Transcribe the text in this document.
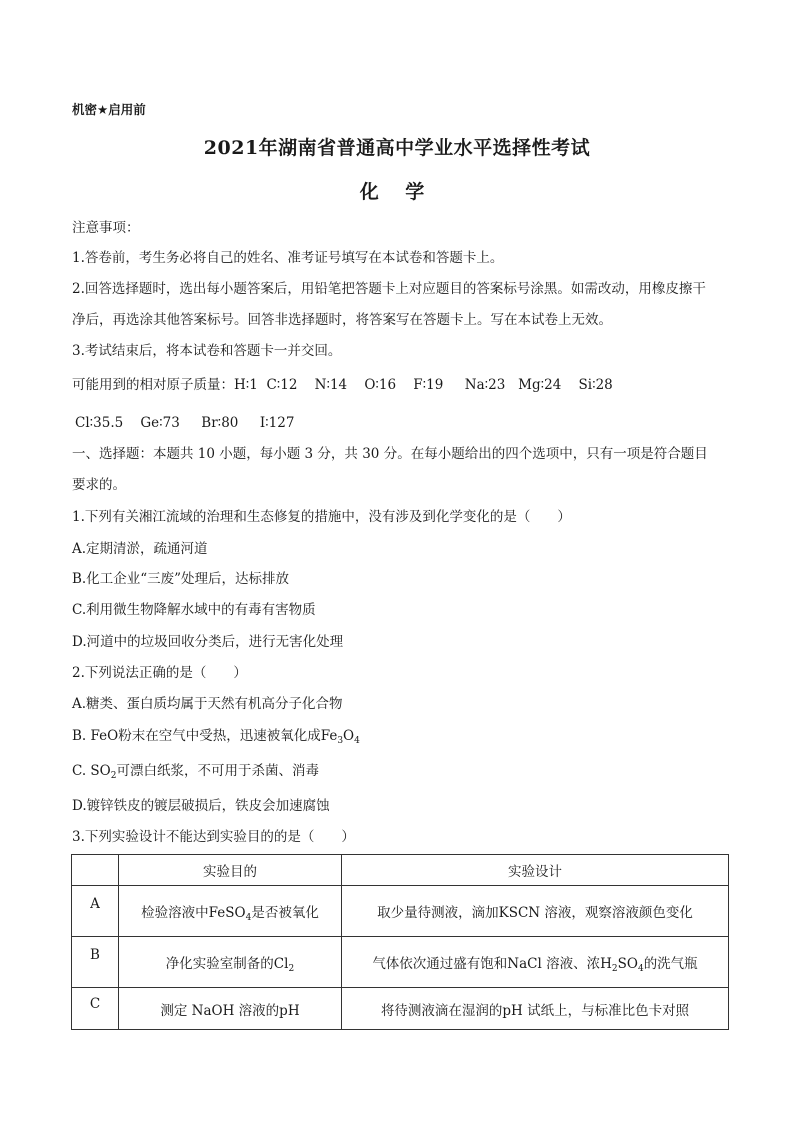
机密★启用前
2021年湖南省普通高中学业水平选择性考试
化 学
注意事项：
1.答卷前，考生务必将自己的姓名、准考证号填写在本试卷和答题卡上。
2.回答选择题时，选出每小题答案后，用铅笔把答题卡上对应题目的答案标号涂黑。如需改动，用橡皮擦干
净后，再选涂其他答案标号。回答非选择题时，将答案写在答题卡上。写在本试卷上无效。
3.考试结束后，将本试卷和答题卡一并交回。
可能用到的相对原子质量：H∶1  C∶12    N∶14    O∶16    F∶19     Na∶23   Mg∶24    Si∶28
Cl∶35.5    Ge∶73     Br∶80     I∶127
一、选择题：本题共 10 小题，每小题 3 分，共 30 分。在每小题给出的四个选项中，只有一项是符合题目
要求的。
1.下列有关湘江流域的治理和生态修复的措施中，没有涉及到化学变化的是（　　）
A.定期清淤，疏通河道
B.化工企业“三废”处理后，达标排放
C.利用微生物降解水域中的有毒有害物质
D.河道中的垃圾回收分类后，进行无害化处理
2.下列说法正确的是（　　）
A.糖类、蛋白质均属于天然有机高分子化合物
B. FeO粉末在空气中受热，迅速被氧化成$Fe_3O_4$
C. $SO_2$可漂白纸浆，不可用于杀菌、消毒
D.镀锌铁皮的镀层破损后，铁皮会加速腐蚀
3.下列实验设计不能达到实验目的的是（　　）
	实验目的	实验设计
A	检验溶液中FeSO$_4$是否被氧化	取少量待测液，滴加KSCN 溶液，观察溶液颜色变化
B	净化实验室制备的$Cl_2$	气体依次通过盛有饱和NaCl 溶液、浓$H_2SO_4$的洗气瓶
C	测定 NaOH 溶液的pH	将待测液滴在湿润的pH 试纸上，与标准比色卡对照
